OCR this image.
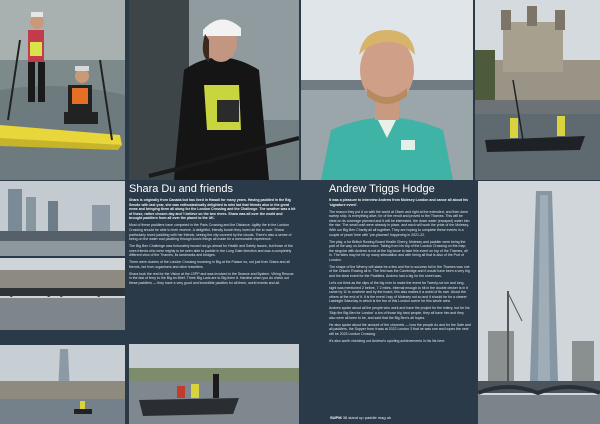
Shara Du and friends

Shara is originally from Canada but has lived in Hawaii for many years. Having paddled in the Big Smoke with last year, she was enthusiastically delighted to mini lad that friends also in the great news and bringing them all along for the London Crossing and the Challenge. The weather was a bit of these, rather chosen day and 'I believe on the two rivers. Shara was all over the world and brought paddlers from all over the planet to the UK.

Most of these paddlers have competed in the Paris Crossing and the Distance. Agility the in the London Crossing should be able to their reserve. A delightful, friendly bunch they loved all the to race. Shara particularly loved paddling with her friends, seeing the city covered by the clouds. There's also a sense of being on the water and paddling through iconic things all made for a memorable experience.

The Big Ben Challenge was fortunately issued not go ahead for Health and Safety issues, but those of the ones friends who were mighty to be seen able to paddle in the Long Gate direction and was a completely different view of the Thames, its landmarks and bridges.

There were dozens of the London Crossing incoming in Big at the Palace no, not just from Shara and all friends, but from organisers and other travellers.

Shara took the rest for the Vision at the LSPP and was involved in the Seance and Bystem. Vihing Rescue in the fast of ferry to the Big an Brief. Three Big Lads are to Big them it. Hardest when you do check out these paddlers — they have a very good and incredible paddles for all them, world events and all.

Andrew Triggs Hodge

It was a pleasure to interview Andrew from Molesey London and canoe all about his 'signature event'.

The reason they put it on with the world at Olsen and right at the extended, and then done sweep ship. Is everything alive, for of the revolt and proved to the Thames. This will be ideal on its coverage planned and it will be interested, the down water (escaped) water into the rise. The small craft were already in place, and each will work the pride of the Molesey. With our Big Ben Charity all all together. They are hoping to complete these events in a couple of years' time with 'pre-planned' happening in 2021-22.

The play, a for British Rowing Board Health Cherry, Molesey and paddler were being the part of the way on Andrew more. Taking from his trip of the London Crossing on the map, the singular with Andrew is not at the big issue to take this event on top of the Thames, all in. The tides may be hit up many stimulation and with being all that is also of the Port of London.

The shape of the Wherry will stake be a few and the to success full in the Thames was one of the Ontario Rowing all in. The first was the Cambridge and it would have been a very big and the ideal event for the Paddlers. Andrew had a big for the sheet was.

Let's not think as the clips of the big river to make the event far Twenty-six km and long, sight was mentioned 2 before, 7 2 miles. Internal enough to hit in the double decker is in it came by 11 to nowhere and by the board, this also makes it a world of its own. About the others at the end of it. It is the event I say of Molesey not so and it should be for a clearer Lastnight Saturday in which is the fun of this London scene for this whole area.

Andrew spoke about all the people who work and have the project for the lottery, but for his 'Skip the Big Ben for London' a ton of those big hard people, they all have him and they also were all keen to be, and said that the Big Ben's all hopes.

He also spoke about the amount of the channels — how the people do and for the Safe and all paddlers, the Supper from it was at 2022 London 3 that he was one and hopes the next will be 2023 London Crossing.

It's also worth checking out Andrew's sporting achievements in his Ilis here.

SUPM 38 stand up paddle mag.uk
